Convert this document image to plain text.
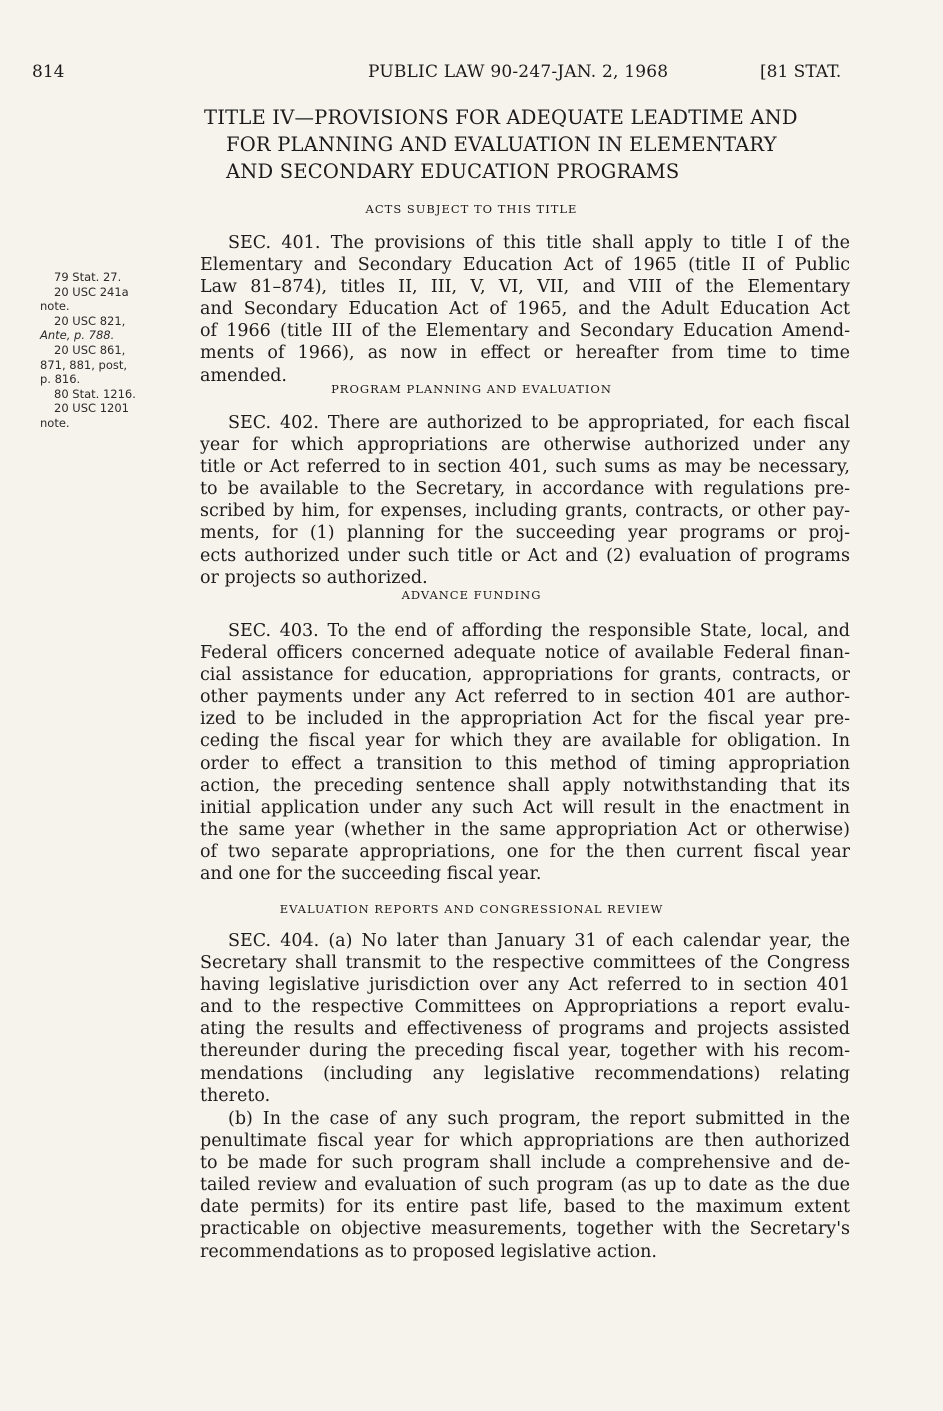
814	PUBLIC LAW 90-247-JAN. 2, 1968	[81 STAT.
TITLE IV—PROVISIONS FOR ADEQUATE LEADTIME AND
FOR PLANNING AND EVALUATION IN ELEMENTARY
AND SECONDARY EDUCATION PROGRAMS
79 Stat. 27.
20 USC 241a
note.
20 USC 821,
Ante, p. 788.
20 USC 861,
871, 881, post,
p. 816.
80 Stat. 1216.
20 USC 1201
note.
ACTS SUBJECT TO THIS TITLE
SEC. 401. The provisions of this title shall apply to title I of the
Elementary and Secondary Education Act of 1965 (title II of Public
Law 81–874), titles II, III, V, VI, VII, and VIII of the Elementary
and Secondary Education Act of 1965, and the Adult Education Act
of 1966 (title III of the Elementary and Secondary Education Amend-
ments of 1966), as now in effect or hereafter from time to time
amended.
PROGRAM PLANNING AND EVALUATION
SEC. 402. There are authorized to be appropriated, for each fiscal
year for which appropriations are otherwise authorized under any
title or Act referred to in section 401, such sums as may be necessary,
to be available to the Secretary, in accordance with regulations pre-
scribed by him, for expenses, including grants, contracts, or other pay-
ments, for (1) planning for the succeeding year programs or proj-
ects authorized under such title or Act and (2) evaluation of programs
or projects so authorized.
ADVANCE FUNDING
SEC. 403. To the end of affording the responsible State, local, and
Federal officers concerned adequate notice of available Federal finan-
cial assistance for education, appropriations for grants, contracts, or
other payments under any Act referred to in section 401 are author-
ized to be included in the appropriation Act for the fiscal year pre-
ceding the fiscal year for which they are available for obligation. In
order to effect a transition to this method of timing appropriation
action, the preceding sentence shall apply notwithstanding that its
initial application under any such Act will result in the enactment in
the same year (whether in the same appropriation Act or otherwise)
of two separate appropriations, one for the then current fiscal year
and one for the succeeding fiscal year.
EVALUATION REPORTS AND CONGRESSIONAL REVIEW
SEC. 404. (a) No later than January 31 of each calendar year, the
Secretary shall transmit to the respective committees of the Congress
having legislative jurisdiction over any Act referred to in section 401
and to the respective Committees on Appropriations a report evalu-
ating the results and effectiveness of programs and projects assisted
thereunder during the preceding fiscal year, together with his recom-
mendations (including any legislative recommendations) relating
thereto.
(b) In the case of any such program, the report submitted in the
penultimate fiscal year for which appropriations are then authorized
to be made for such program shall include a comprehensive and de-
tailed review and evaluation of such program (as up to date as the due
date permits) for its entire past life, based to the maximum extent
practicable on objective measurements, together with the Secretary's
recommendations as to proposed legislative action.
